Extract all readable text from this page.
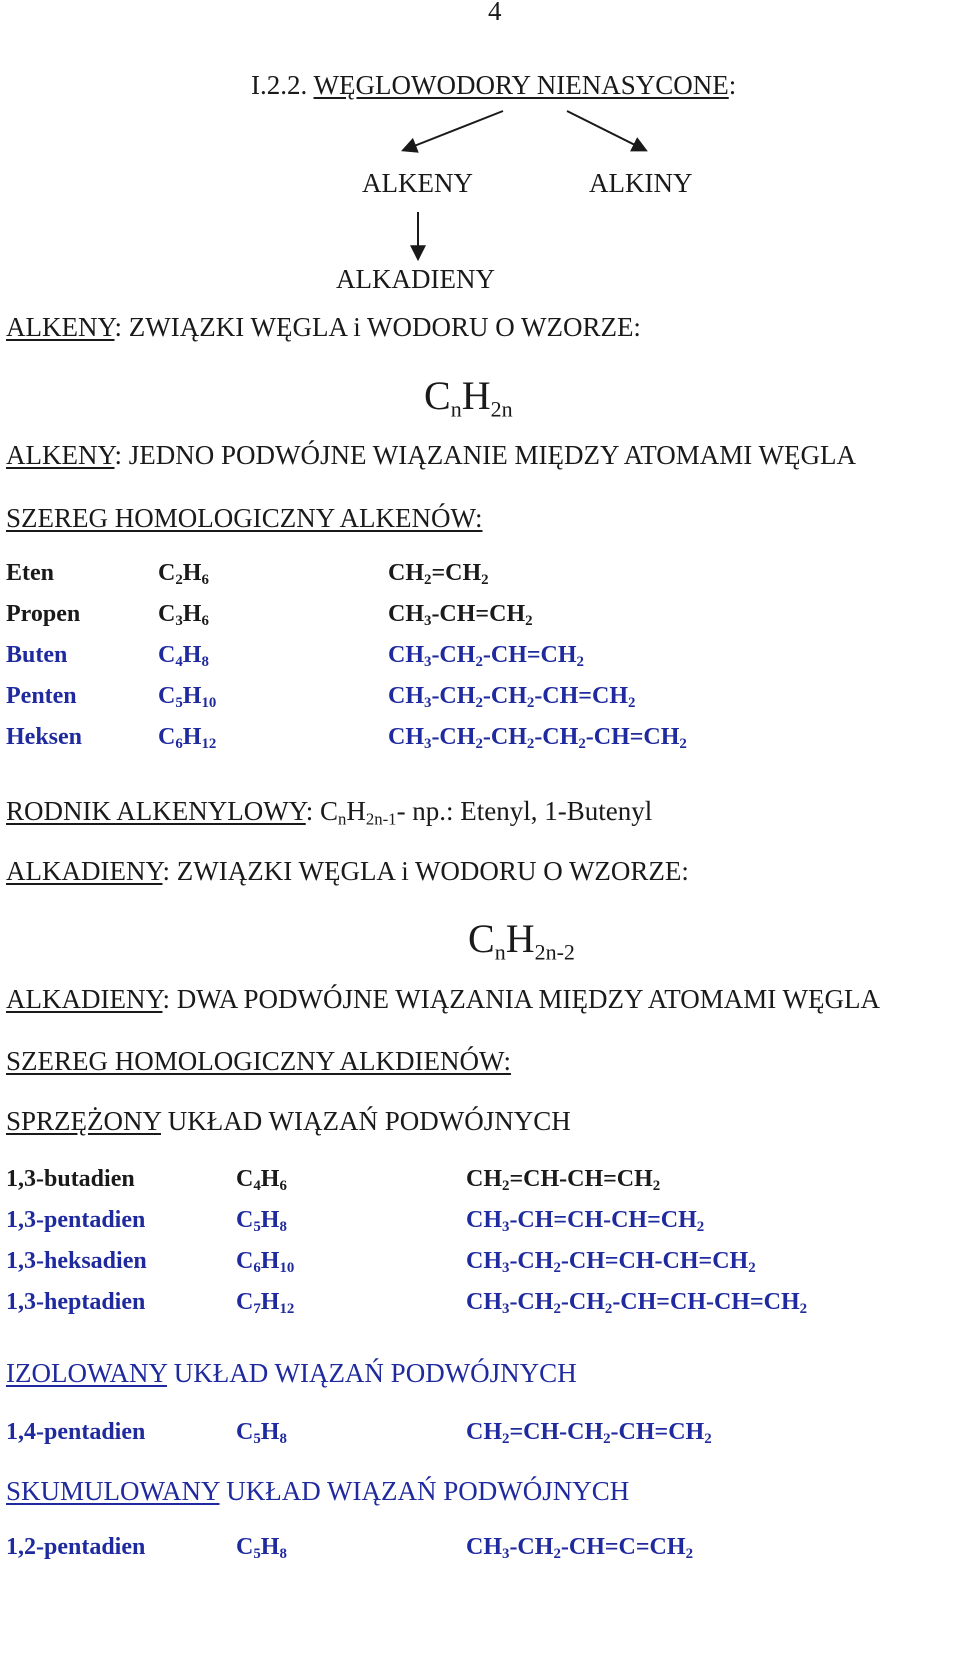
4
I.2.2. WĘGLOWODORY NIENASYCONE:
ALKENY	ALKINY
ALKADIENY
ALKENY: ZWIĄZKI WĘGLA i WODORU O WZORZE:
$C_nH_{2n}$
ALKENY: JEDNO PODWÓJNE WIĄZANIE MIĘDZY ATOMAMI WĘGLA
SZEREG HOMOLOGICZNY ALKENÓW:
Eten	$C_2H_6$	$CH_2=CH_2$
Propen	$C_3H_6$	$CH_3-CH=CH_2$
Buten	$C_4H_8$	$CH_3-CH_2-CH=CH_2$
Penten	$C_5H_{10}$	$CH_3-CH_2-CH_2-CH=CH_2$
Heksen	$C_6H_{12}$	$CH_3-CH_2-CH_2-CH_2-CH=CH_2$
RODNIK ALKENYLOWY: $C_nH_{2n-1}-$ np.: Etenyl, 1-Butenyl
ALKADIENY: ZWIĄZKI WĘGLA i WODORU O WZORZE:
$C_nH_{2n-2}$
ALKADIENY: DWA PODWÓJNE WIĄZANIA MIĘDZY ATOMAMI WĘGLA
SZEREG HOMOLOGICZNY ALKDIENÓW:
SPRZĘŻONY UKŁAD WIĄZAŃ PODWÓJNYCH
1,3-butadien	$C_4H_6$	$CH_2=CH-CH=CH_2$
1,3-pentadien	$C_5H_8$	$CH_3-CH=CH-CH=CH_2$
1,3-heksadien	$C_6H_{10}$	$CH_3-CH_2-CH=CH-CH=CH_2$
1,3-heptadien	$C_7H_{12}$	$CH_3-CH_2-CH_2-CH=CH-CH=CH_2$
IZOLOWANY UKŁAD WIĄZAŃ PODWÓJNYCH
1,4-pentadien	$C_5H_8$	$CH_2=CH-CH_2-CH=CH_2$
SKUMULOWANY UKŁAD WIĄZAŃ PODWÓJNYCH
1,2-pentadien	$C_5H_8$	$CH_3-CH_2-CH=C=CH_2$
